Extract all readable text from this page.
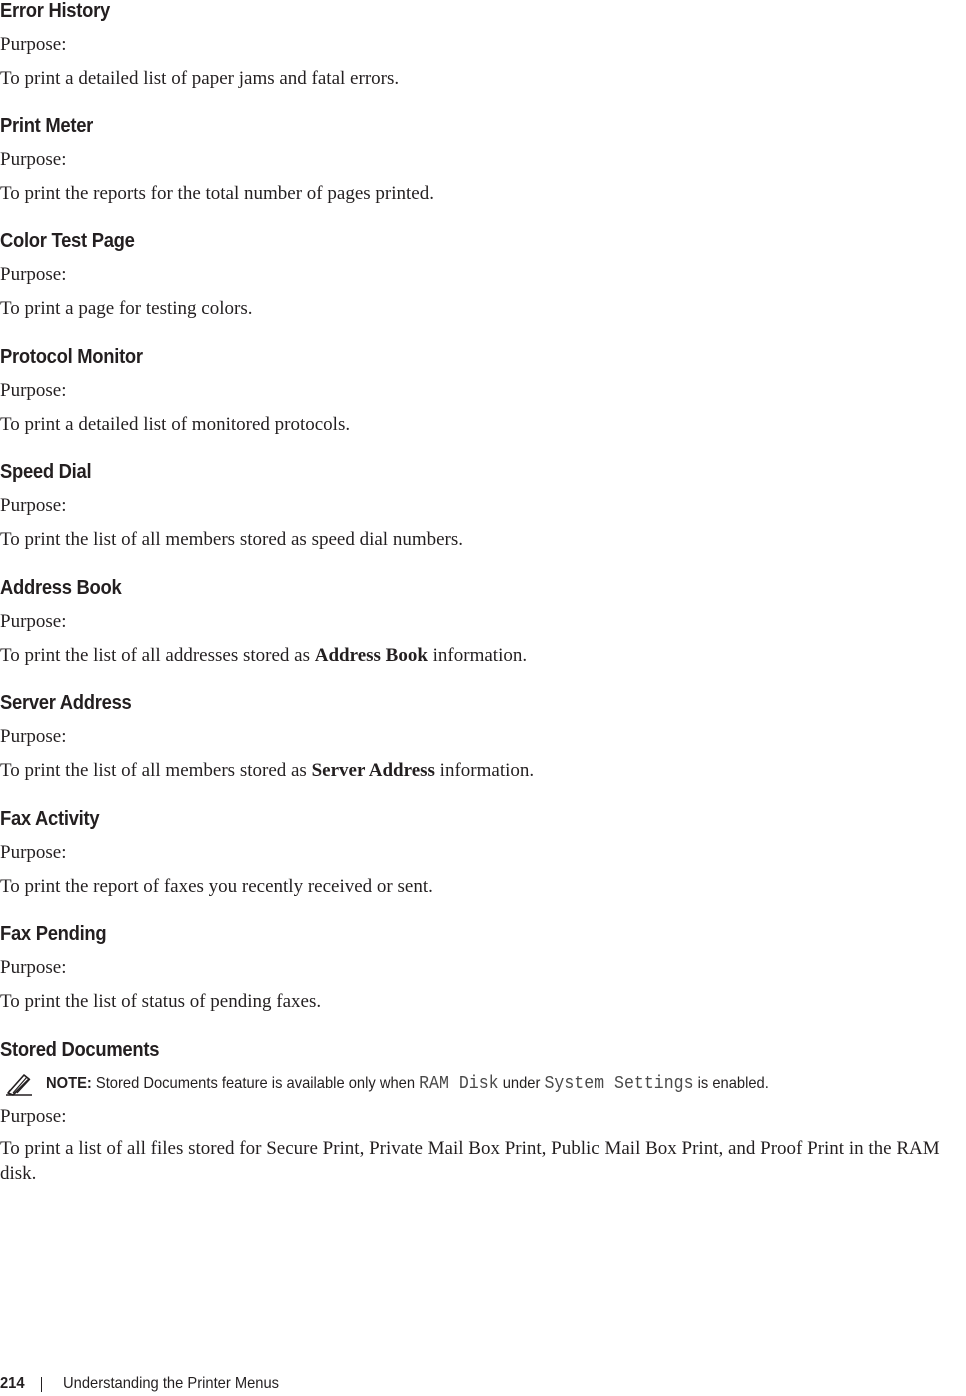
Error History

Purpose:

To print a detailed list of paper jams and fatal errors.

Print Meter

Purpose:

To print the reports for the total number of pages printed.

Color Test Page

Purpose:

To print a page for testing colors.

Protocol Monitor

Purpose:

To print a detailed list of monitored protocols.

Speed Dial

Purpose:

To print the list of all members stored as speed dial numbers.

Address Book

Purpose:

To print the list of all addresses stored as Address Book information.

Server Address

Purpose:

To print the list of all members stored as Server Address information.

Fax Activity

Purpose:

To print the report of faxes you recently received or sent.

Fax Pending

Purpose:

To print the list of status of pending faxes.

Stored Documents
NOTE: Stored Documents feature is available only when RAM Disk under System Settings is enabled.

Purpose:

To print a list of all files stored for Secure Print, Private Mail Box Print, Public Mail Box Print, and Proof Print in the RAM disk.

214 Understanding the Printer Menus
